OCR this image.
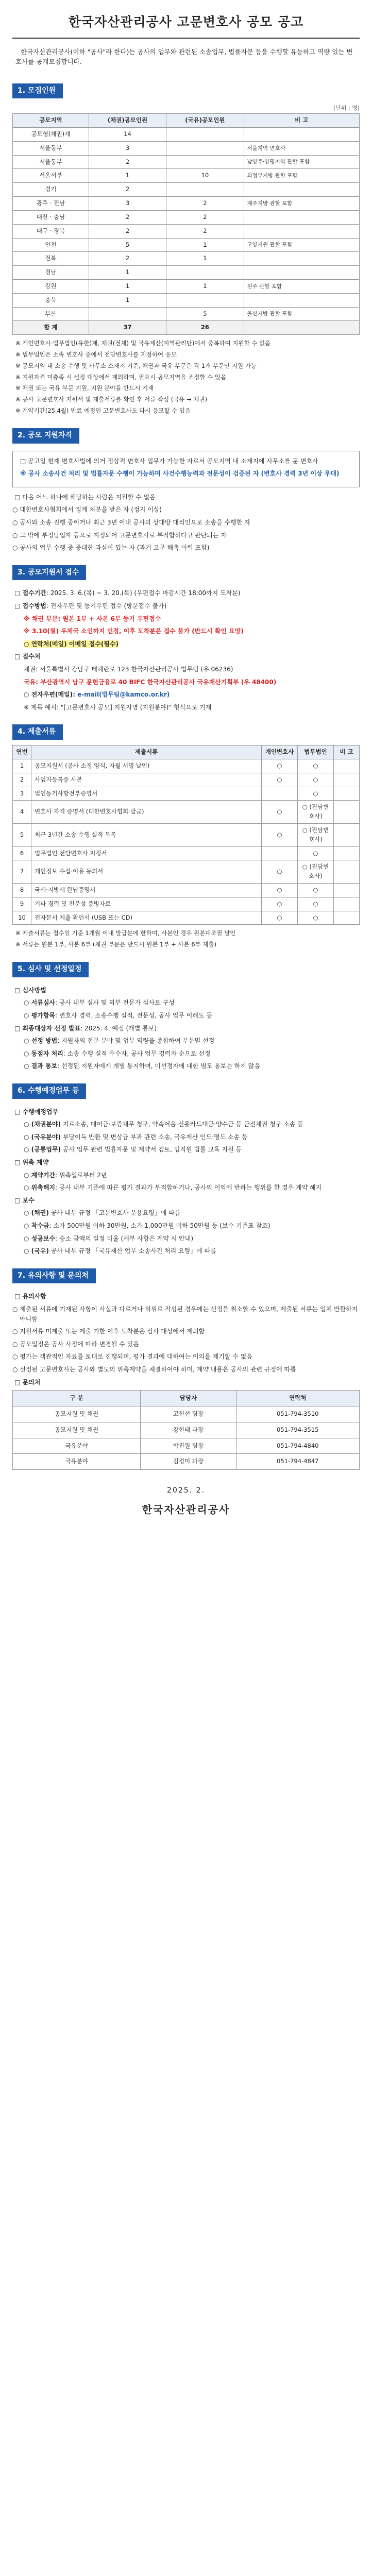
한국자산관리공사 고문변호사 공모 공고

한국자산관리공사(이하 "공사"라 한다)는 공사의 업무와 관련된 소송업무, 법률자문 등을 수행할 유능하고 역량 있는 변호사를 공개모집합니다.

1. 모집인원
(단위 : 명)
공모지역	(채권)공모인원	(국유)공모인원	비 고
공모형(채권)계	14		
서울동부	3		서울지역 변호사
서울동부	2		남양주·양평지역 관할 포함
서울서부	1	10	의정부지방 관할 포함
경기	2		
광주 · 전남	3	2	제주지방 관할 포함
대전 · 충남	2	2	
대구 · 경북	2	2	
인천	5	1	고양지원 관할 포함
전북	2	1	
경남	1		
강원	1	1	원주 관할 포함
충북	1		
부산		5	울산지방 관할 포함
합 계	37	26	
※ 개인변호사·법무법인(유한)계, 채권(전체) 및 국유재산(지역관리단)에서 중복하여 지원할 수 없음
※ 법무법인은 소속 변호사 중에서 전담변호사를 지정하여 응모
※ 공모지역 내 소송 수행 및 사무소 소재지 기준, 채권과 국유 부문은 각 1개 부문만 지원 가능
※ 지원자격 미충족 시 선정 대상에서 제외하며, 필요시 공모지역을 조정할 수 있음
※ 채권 또는 국유 부문 지원, 지원 분야를 반드시 기재
※ 공사 고문변호사 지원서 및 제출서류를 확인 후 서류 작성 (국유 → 채권)
※ 계약기간(25.4월) 만료 예정인 고문변호사도 다시 응모할 수 있음
2. 공모 지원자격

□ 공고일 현재 변호사법에 의거 정상적 변호사 업무가 가능한 자로서 공모지역 내 소재지에 사무소를 둔 변호사

※ 공사 소송사건 처리 및 법률자문 수행이 가능하며 사건수행능력과 전문성이 검증된 자 (변호사 경력 3년 이상 우대)

□ 다음 어느 하나에 해당하는 사람은 지원할 수 없음

○ 대한변호사협회에서 징계 처분을 받은 자 (정지 이상)
○ 공사와 소송 진행 중이거나 최근 3년 이내 공사의 상대방 대리인으로 소송을 수행한 자
○ 그 밖에 부정당업자 등으로 지정되어 고문변호사로 부적합하다고 판단되는 자
○ 공사의 업무 수행 중 중대한 과실이 있는 자 (과거 고문 해촉 이력 포함)
3. 공모지원서 접수

□ 접수기간: 2025. 3. 6.(목) ~ 3. 20.(목) (우편접수 마감시간 18:00까지 도착분)

□ 접수방법: 전자우편 및 등기우편 접수 (방문접수 불가)

※ 채권 부문: 원본 1부 + 사본 6부 등기 우편접수

※ 3.10(월) 우체국 소인까지 인정, 이후 도착분은 접수 불가 (반드시 확인 요망)

○ 연락처(메일) 이메일 접수(필수)

□ 접수처

채권: 서울특별시 강남구 테헤란로 123 한국자산관리공사 법무팀 (우 06236)

국유: 부산광역시 남구 문현금융로 40 BIFC 한국자산관리공사 국유재산기획부 (우 48400)

○ 전자우편(메일): e-mail(법무팀@kamco.or.kr)

※ 제목 예시: "[고문변호사 공모] 지원자명 (지원분야)" 형식으로 기재

4. 제출서류
연번	제출서류	개인변호사	법무법인	비 고
1	공모지원서 (공사 소정 양식, 자필 서명 날인)	○	○	
2	사업자등록증 사본	○	○	
3	법인등기사항전부증명서		○	
4	변호사 자격 증명서 (대한변호사협회 발급)	○	○ (전담변호사)	
5	최근 3년간 소송 수행 실적 목록	○	○ (전담변호사)	
6	법무법인 전담변호사 지정서		○	
7	개인정보 수집·이용 동의서	○	○ (전담변호사)	
8	국세·지방세 완납증명서	○	○	
9	기타 경력 및 전문성 증빙자료	○	○	
10	전자문서 제출 확인서 (USB 또는 CD)	○	○	
※ 제출서류는 접수일 기준 1개월 이내 발급분에 한하며, 사본인 경우 원본대조필 날인
※ 서류는 원본 1부, 사본 6부 (채권 부문은 반드시 원본 1부 + 사본 6부 제출)
5. 심사 및 선정일정

□ 심사방법

○ 서류심사: 공사 내부 심사 및 외부 전문가 심사로 구성

○ 평가항목: 변호사 경력, 소송수행 실적, 전문성, 공사 업무 이해도 등

□ 최종대상자 선정 발표: 2025. 4. 예정 (개별 통보)

○ 선정 방법: 지원자의 전문 분야 및 업무 역량을 종합하여 부문별 선정

○ 동점자 처리: 소송 수행 실적 우수자, 공사 업무 경력자 순으로 선정

○ 결과 통보: 선정된 지원자에게 개별 통지하며, 미선정자에 대한 별도 통보는 하지 않음

6. 수행예정업무 등

□ 수행예정업무

○ (채권분야) 지료소송, 대여금·보증채무 청구, 약속어음·신용카드대금·양수금 등 금전채권 청구 소송 등

○ (국유분야) 부당이득 반환 및 변상금 부과 관련 소송, 국유재산 인도·명도 소송 등

○ (공통업무) 공사 업무 관련 법률자문 및 계약서 검토, 임직원 법률 교육 지원 등

□ 위촉 계약

○ 계약기간: 위촉일로부터 2년

○ 위촉해지: 공사 내부 기준에 따른 평가 결과가 부적합하거나, 공사의 이익에 반하는 행위를 한 경우 계약 해지

□ 보수

○ (채권) 공사 내부 규정 「고문변호사 운용요령」에 따름

○ 착수금: 소가 500만원 이하 30만원, 소가 1,000만원 이하 50만원 등 (보수 기준표 참조)

○ 성공보수: 승소 금액의 일정 비율 (세부 사항은 계약 시 안내)

○ (국유) 공사 내부 규정 「국유재산 업무 소송사건 처리 요령」에 따름

7. 유의사항 및 문의처

□ 유의사항

○ 제출된 서류에 기재된 사항이 사실과 다르거나 허위로 작성된 경우에는 선정을 취소할 수 있으며, 제출된 서류는 일체 반환하지 아니함
○ 지원서류 미제출 또는 제출 기한 이후 도착분은 심사 대상에서 제외함
○ 공모일정은 공사 사정에 따라 변경될 수 있음
○ 평가는 객관적인 자료를 토대로 진행되며, 평가 결과에 대하여는 이의를 제기할 수 없음
○ 선정된 고문변호사는 공사와 별도의 위촉계약을 체결하여야 하며, 계약 내용은 공사의 관련 규정에 따름

□ 문의처

구 분	담당자	연락처
공모지원 및 채권	고현선 팀장	051-794-3510
공모지원 및 채권	강현태 과장	051-794-3515
국유분야	박진원 팀장	051-794-4840
국유분야	김정미 과장	051-794-4847
2025. 2.
한국자산관리공사
